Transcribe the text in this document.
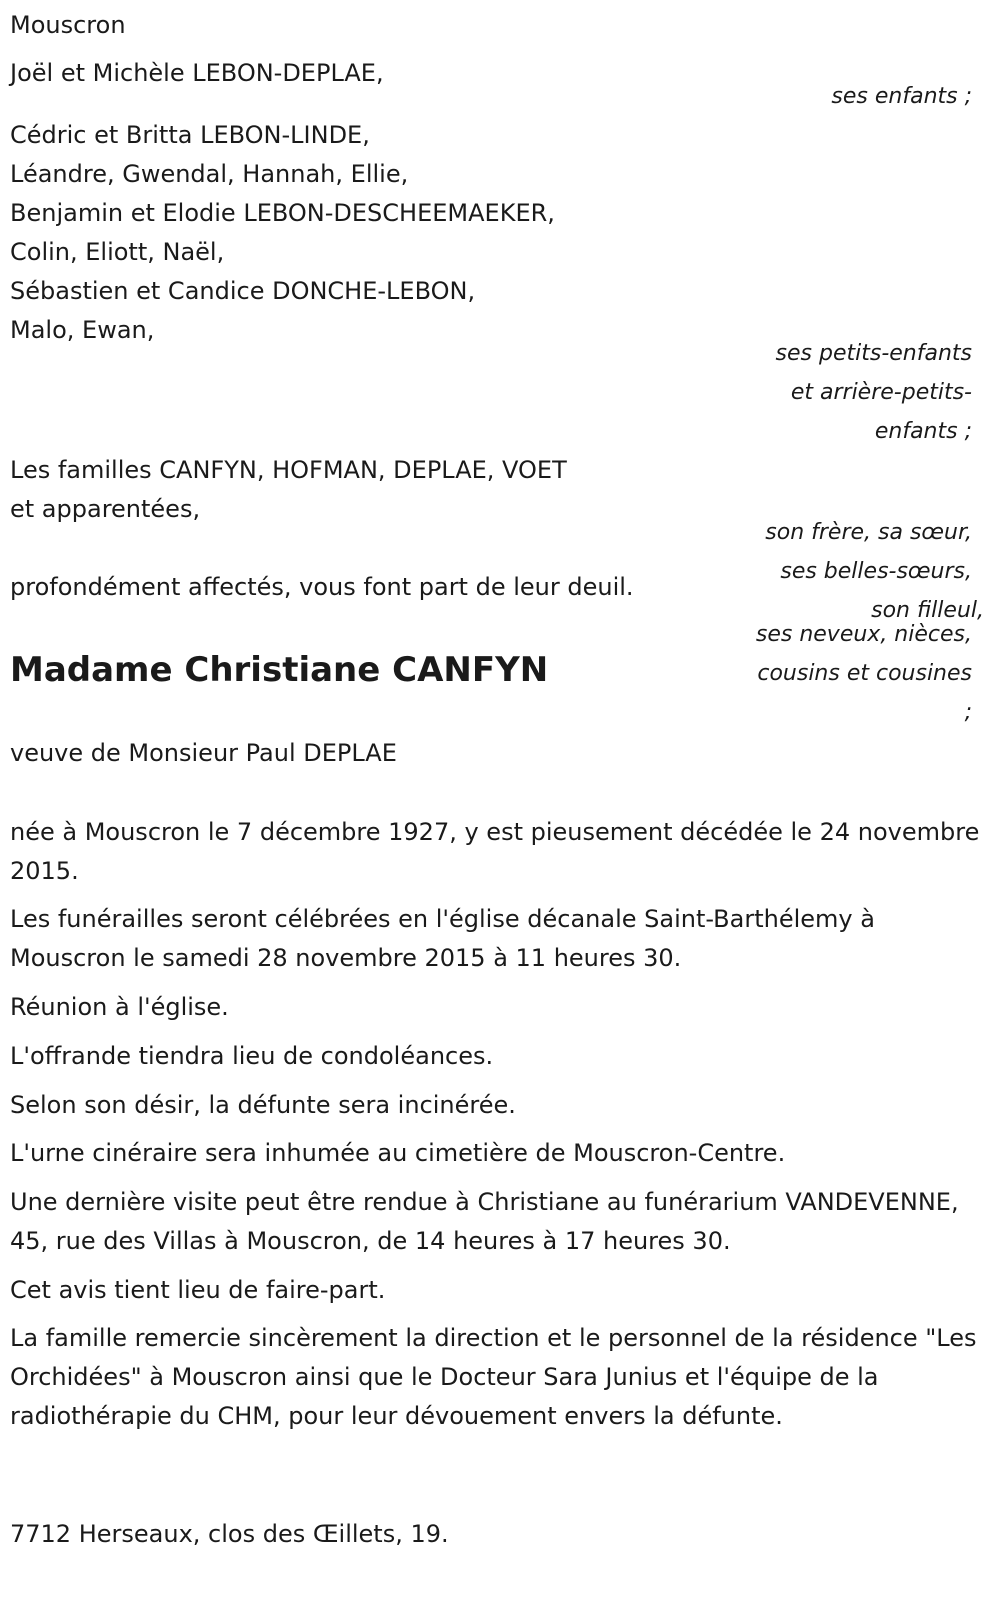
Mouscron

Joël et Michèle LEBON-DEPLAE,

ses enfants ;

Cédric et Britta LEBON-LINDE,

Léandre, Gwendal, Hannah, Ellie,

Benjamin et Elodie LEBON-DESCHEEMAEKER,

Colin, Eliott, Naël,

Sébastien et Candice DONCHE-LEBON,

Malo, Ewan,

ses petits-enfants

et arrière-petits-

enfants ;

Les familles CANFYN, HOFMAN, DEPLAE, VOET

et apparentées,

son frère, sa sœur,

ses belles-sœurs,

son filleul,

ses neveux, nièces,

cousins et cousines

;

profondément affectés, vous font part de leur deuil.

Madame Christiane CANFYN

veuve de Monsieur Paul DEPLAE

née à Mouscron le 7 décembre 1927, y est pieusement décédée le 24 novembre 2015.

Les funérailles seront célébrées en l'église décanale Saint-Barthélemy à Mouscron le samedi 28 novembre 2015 à 11 heures 30.

Réunion à l'église.

L'offrande tiendra lieu de condoléances.

Selon son désir, la défunte sera incinérée.

L'urne cinéraire sera inhumée au cimetière de Mouscron-Centre.

Une dernière visite peut être rendue à Christiane au funérarium VANDEVENNE, 45, rue des Villas à Mouscron, de 14 heures à 17 heures 30.

Cet avis tient lieu de faire-part.

La famille remercie sincèrement la direction et le personnel de la résidence "Les Orchidées" à Mouscron ainsi que le Docteur Sara Junius et l'équipe de la radiothérapie du CHM, pour leur dévouement envers la défunte.

7712 Herseaux, clos des Œillets, 19.
